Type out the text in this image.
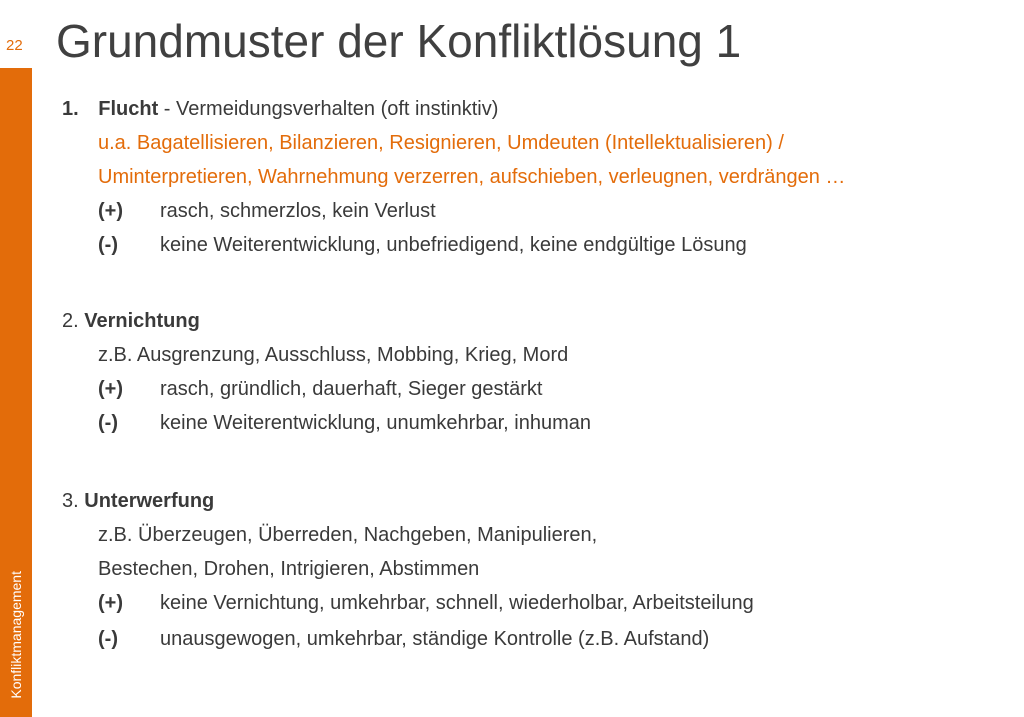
Konfliktmanagement
22 Grundmuster der Konfliktlösung 1
1. Flucht - Vermeidungsverhalten (oft instinktiv)
u.a. Bagatellisieren, Bilanzieren, Resignieren, Umdeuten (Intellektualisieren) /
Uminterpretieren, Wahrnehmung verzerren, aufschieben, verleugnen, verdrängen …
(+) rasch, schmerzlos, kein Verlust
(-) keine Weiterentwicklung, unbefriedigend, keine endgültige Lösung
2. Vernichtung
z.B. Ausgrenzung, Ausschluss, Mobbing, Krieg, Mord
(+) rasch, gründlich, dauerhaft, Sieger gestärkt
(-) keine Weiterentwicklung, unumkehrbar, inhuman
3. Unterwerfung
z.B. Überzeugen, Überreden, Nachgeben, Manipulieren,
Bestechen, Drohen, Intrigieren, Abstimmen
(+) keine Vernichtung, umkehrbar, schnell, wiederholbar, Arbeitsteilung
(-) unausgewogen, umkehrbar, ständige Kontrolle (z.B. Aufstand)
